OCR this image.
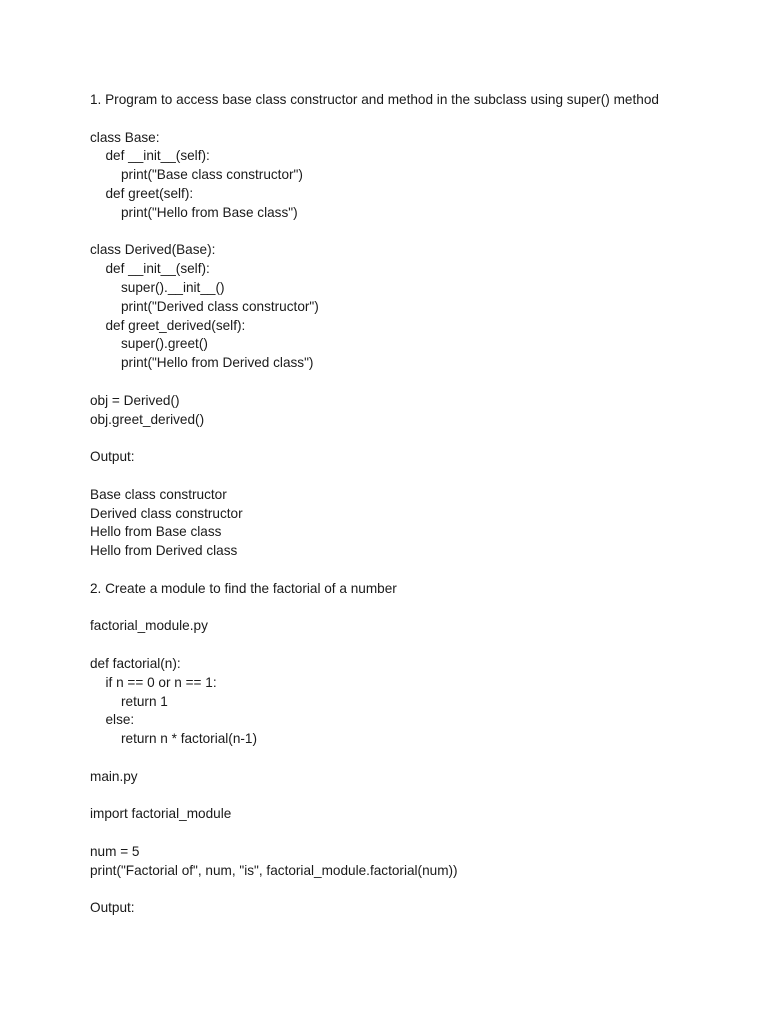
1. Program to access base class constructor and method in the subclass using super() method
class Base:
def __init__(self):
print("Base class constructor")
def greet(self):
print("Hello from Base class")
class Derived(Base):
def __init__(self):
super().__init__()
print("Derived class constructor")
def greet_derived(self):
super().greet()
print("Hello from Derived class")
obj = Derived()
obj.greet_derived()
Output:
Base class constructor
Derived class constructor
Hello from Base class
Hello from Derived class
2. Create a module to find the factorial of a number
factorial_module.py
def factorial(n):
if n == 0 or n == 1:
return 1
else:
return n * factorial(n-1)
main.py
import factorial_module
num = 5
print("Factorial of", num, "is", factorial_module.factorial(num))
Output:
